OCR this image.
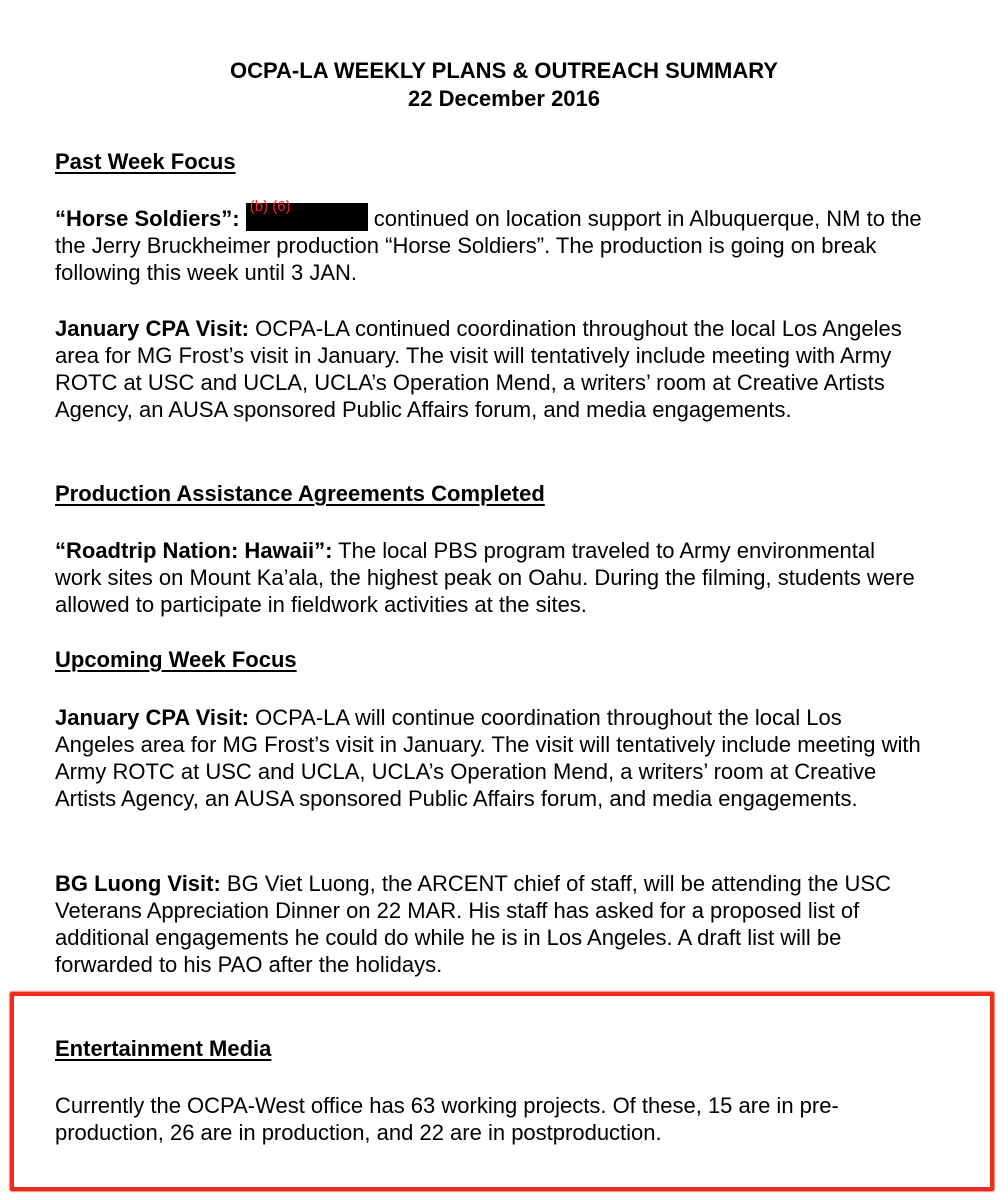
OCPA-LA WEEKLY PLANS & OUTREACH SUMMARY
22 December 2016
Past Week Focus
“Horse Soldiers”: (b) (6)	continued on location support in Albuquerque, NM to the the Jerry Bruckheimer production “Horse Soldiers”. The production is going on break following this week until 3 JAN.
January CPA Visit: OCPA-LA continued coordination throughout the local Los Angeles area for MG Frost’s visit in January. The visit will tentatively include meeting with Army ROTC at USC and UCLA, UCLA’s Operation Mend, a writers’ room at Creative Artists Agency, an AUSA sponsored Public Affairs forum, and media engagements.
Production Assistance Agreements Completed
“Roadtrip Nation: Hawaii”: The local PBS program traveled to Army environmental work sites on Mount Ka’ala, the highest peak on Oahu. During the filming, students were allowed to participate in fieldwork activities at the sites.
Upcoming Week Focus
January CPA Visit: OCPA-LA will continue coordination throughout the local Los Angeles area for MG Frost’s visit in January. The visit will tentatively include meeting with Army ROTC at USC and UCLA, UCLA’s Operation Mend, a writers’ room at Creative Artists Agency, an AUSA sponsored Public Affairs forum, and media engagements.
BG Luong Visit: BG Viet Luong, the ARCENT chief of staff, will be attending the USC Veterans Appreciation Dinner on 22 MAR. His staff has asked for a proposed list of additional engagements he could do while he is in Los Angeles. A draft list will be forwarded to his PAO after the holidays.
Entertainment Media
Currently the OCPA-West office has 63 working projects. Of these, 15 are in pre-production, 26 are in production, and 22 are in postproduction.
